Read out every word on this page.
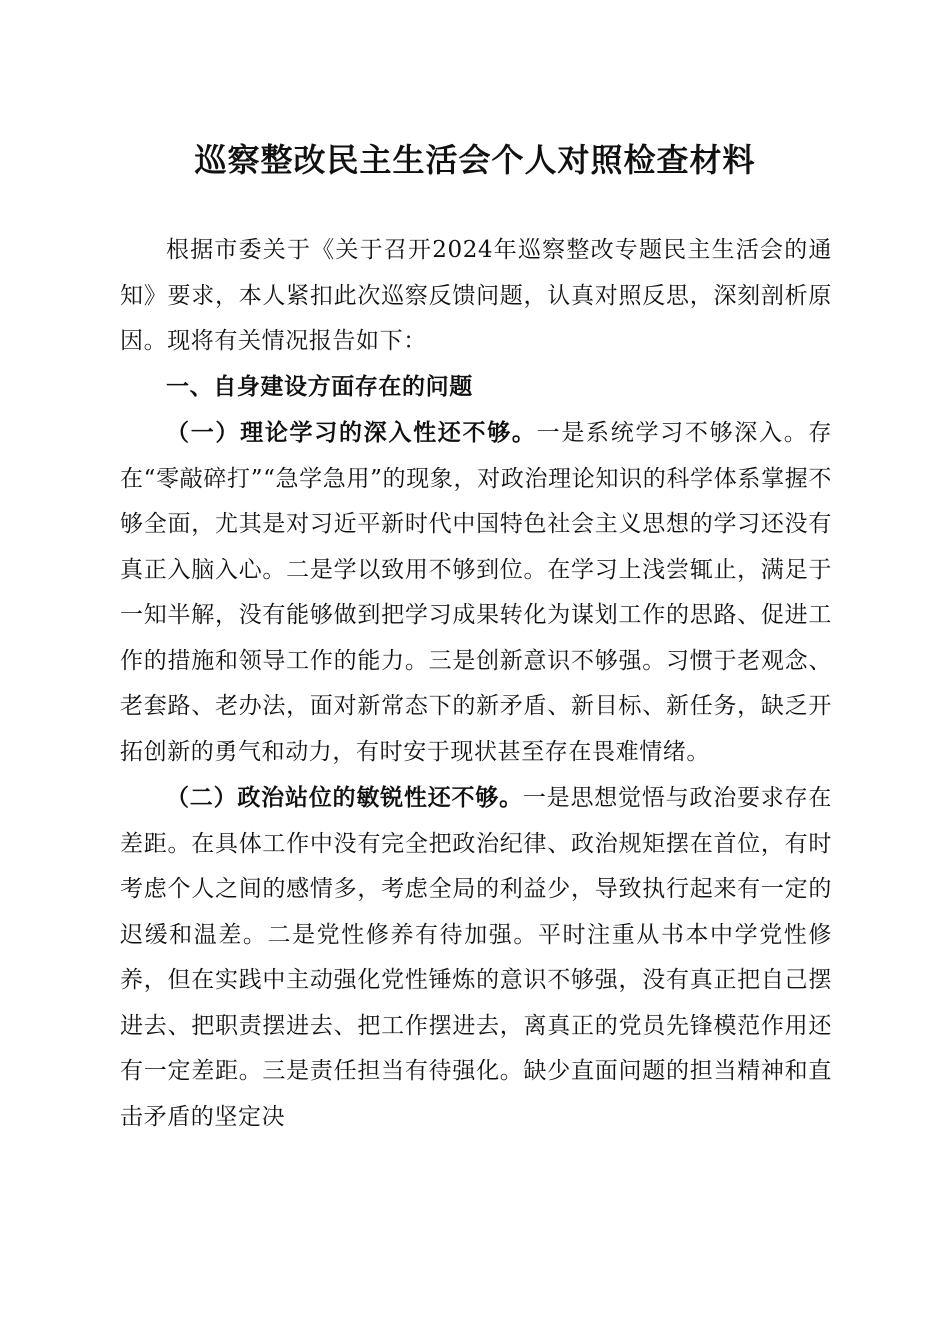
巡察整改民主生活会个人对照检查材料

根据市委关于《关于召开2024年巡察整改专题民主生活会的通知》要求，本人紧扣此次巡察反馈问题，认真对照反思，深刻剖析原因。现将有关情况报告如下：

一、自身建设方面存在的问题

（一）理论学习的深入性还不够。一是系统学习不够深入。存在“零敲碎打”“急学急用”的现象，对政治理论知识的科学体系掌握不够全面，尤其是对习近平新时代中国特色社会主义思想的学习还没有真正入脑入心。二是学以致用不够到位。在学习上浅尝辄止，满足于一知半解，没有能够做到把学习成果转化为谋划工作的思路、促进工作的措施和领导工作的能力。三是创新意识不够强。习惯于老观念、老套路、老办法，面对新常态下的新矛盾、新目标、新任务，缺乏开拓创新的勇气和动力，有时安于现状甚至存在畏难情绪。

（二）政治站位的敏锐性还不够。一是思想觉悟与政治要求存在差距。在具体工作中没有完全把政治纪律、政治规矩摆在首位，有时考虑个人之间的感情多，考虑全局的利益少，导致执行起来有一定的迟缓和温差。二是党性修养有待加强。平时注重从书本中学党性修养，但在实践中主动强化党性锤炼的意识不够强，没有真正把自己摆进去、把职责摆进去、把工作摆进去，离真正的党员先锋模范作用还有一定差距。三是责任担当有待强化。缺少直面问题的担当精神和直击矛盾的坚定决
